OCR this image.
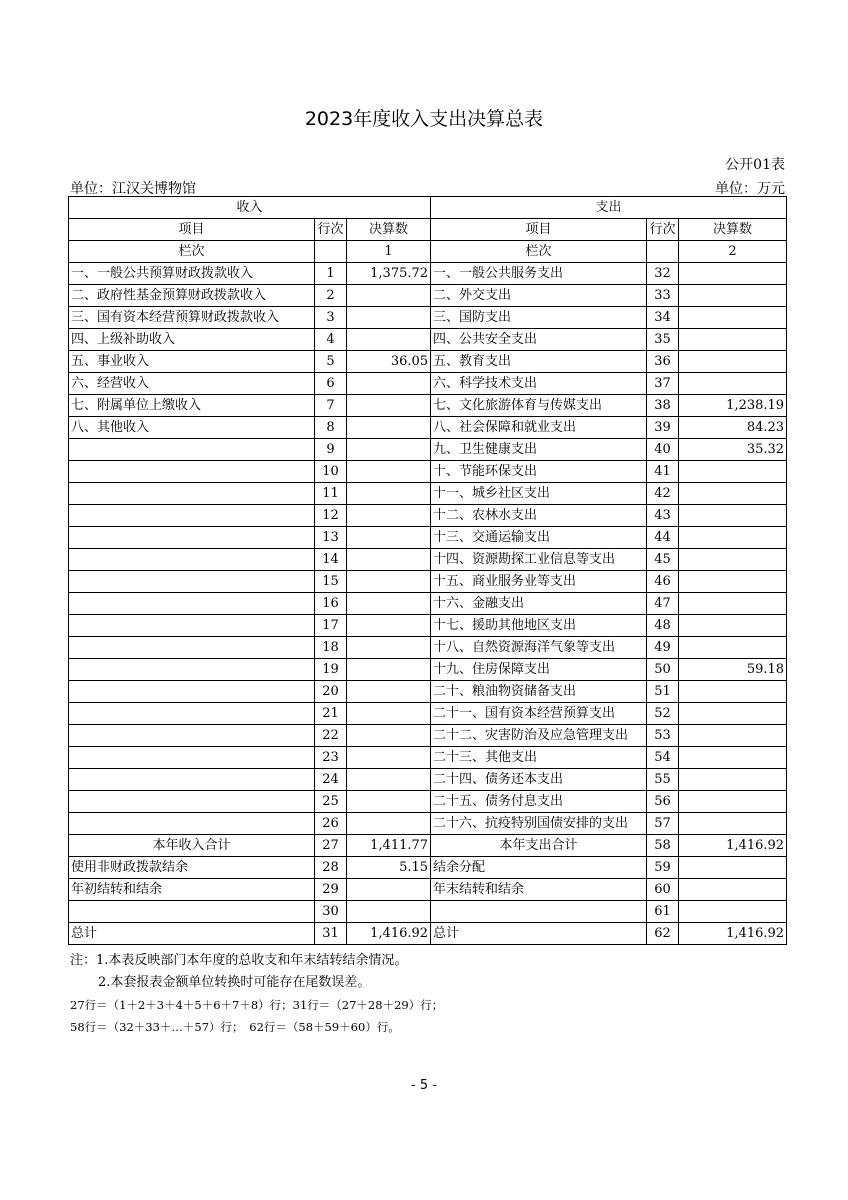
2023年度收入支出决算总表
公开01表
单位：江汉关博物馆	单位：万元
收入			支出		
项目	行次	决算数	项目	行次	决算数
栏次		1	栏次		2
一、一般公共预算财政拨款收入	1	1,375.72	一、一般公共服务支出	32	
二、政府性基金预算财政拨款收入	2		二、外交支出	33	
三、国有资本经营预算财政拨款收入	3		三、国防支出	34	
四、上级补助收入	4		四、公共安全支出	35	
五、事业收入	5	36.05	五、教育支出	36	
六、经营收入	6		六、科学技术支出	37	
七、附属单位上缴收入	7		七、文化旅游体育与传媒支出	38	1,238.19
八、其他收入	8		八、社会保障和就业支出	39	84.23
	9		九、卫生健康支出	40	35.32
	10		十、节能环保支出	41	
	11		十一、城乡社区支出	42	
	12		十二、农林水支出	43	
	13		十三、交通运输支出	44	
	14		十四、资源勘探工业信息等支出	45	
	15		十五、商业服务业等支出	46	
	16		十六、金融支出	47	
	17		十七、援助其他地区支出	48	
	18		十八、自然资源海洋气象等支出	49	
	19		十九、住房保障支出	50	59.18
	20		二十、粮油物资储备支出	51	
	21		二十一、国有资本经营预算支出	52	
	22		二十二、灾害防治及应急管理支出	53	
	23		二十三、其他支出	54	
	24		二十四、债务还本支出	55	
	25		二十五、债务付息支出	56	
	26		二十六、抗疫特别国债安排的支出	57	
本年收入合计	27	1,411.77	本年支出合计	58	1,416.92
使用非财政拨款结余	28	5.15	结余分配	59	
年初结转和结余	29		年末结转和结余	60	
	30			61	
总计	31	1,416.92	总计	62	1,416.92
注：1.本表反映部门本年度的总收支和年末结转结余情况。
2.本套报表金额单位转换时可能存在尾数误差。
27行＝（1＋2＋3＋4＋5＋6＋7＋8）行；31行＝（27＋28＋29）行；
58行＝（32＋33＋…＋57）行；　62行＝（58＋59＋60）行。
- 5 -
